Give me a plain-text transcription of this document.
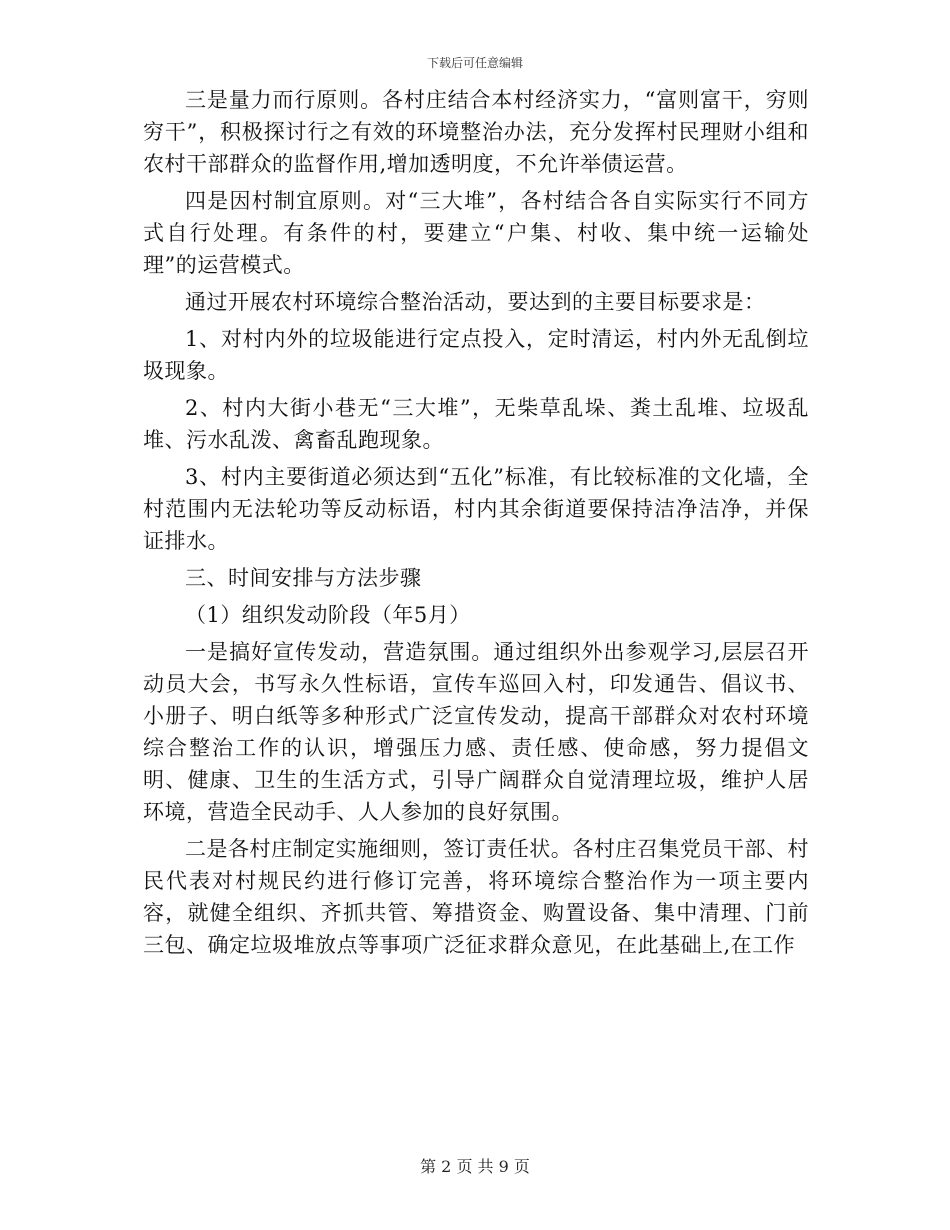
下载后可任意编辑

三是量力而行原则。各村庄结合本村经济实力，“富则富干，穷则穷干”，积极探讨行之有效的环境整治办法，充分发挥村民理财小组和农村干部群众的监督作用,增加透明度，不允许举债运营。

四是因村制宜原则。对“三大堆”，各村结合各自实际实行不同方式自行处理。有条件的村，要建立“户集、村收、集中统一运输处理”的运营模式。

通过开展农村环境综合整治活动，要达到的主要目标要求是：

1、对村内外的垃圾能进行定点投入，定时清运，村内外无乱倒垃圾现象。

2、村内大街小巷无“三大堆”，无柴草乱垛、粪土乱堆、垃圾乱堆、污水乱泼、禽畜乱跑现象。

3、村内主要街道必须达到“五化”标准，有比较标准的文化墙，全村范围内无法轮功等反动标语，村内其余街道要保持洁净洁净，并保证排水。

三、时间安排与方法步骤

（1）组织发动阶段（年5月）

一是搞好宣传发动，营造氛围。通过组织外出参观学习,层层召开动员大会，书写永久性标语，宣传车巡回入村，印发通告、倡议书、小册子、明白纸等多种形式广泛宣传发动，提高干部群众对农村环境综合整治工作的认识，增强压力感、责任感、使命感，努力提倡文明、健康、卫生的生活方式，引导广阔群众自觉清理垃圾，维护人居环境，营造全民动手、人人参加的良好氛围。

二是各村庄制定实施细则，签订责任状。各村庄召集党员干部、村民代表对村规民约进行修订完善，将环境综合整治作为一项主要内容，就健全组织、齐抓共管、筹措资金、购置设备、集中清理、门前三包、确定垃圾堆放点等事项广泛征求群众意见，在此基础上,在工作

第 2 页 共 9 页
